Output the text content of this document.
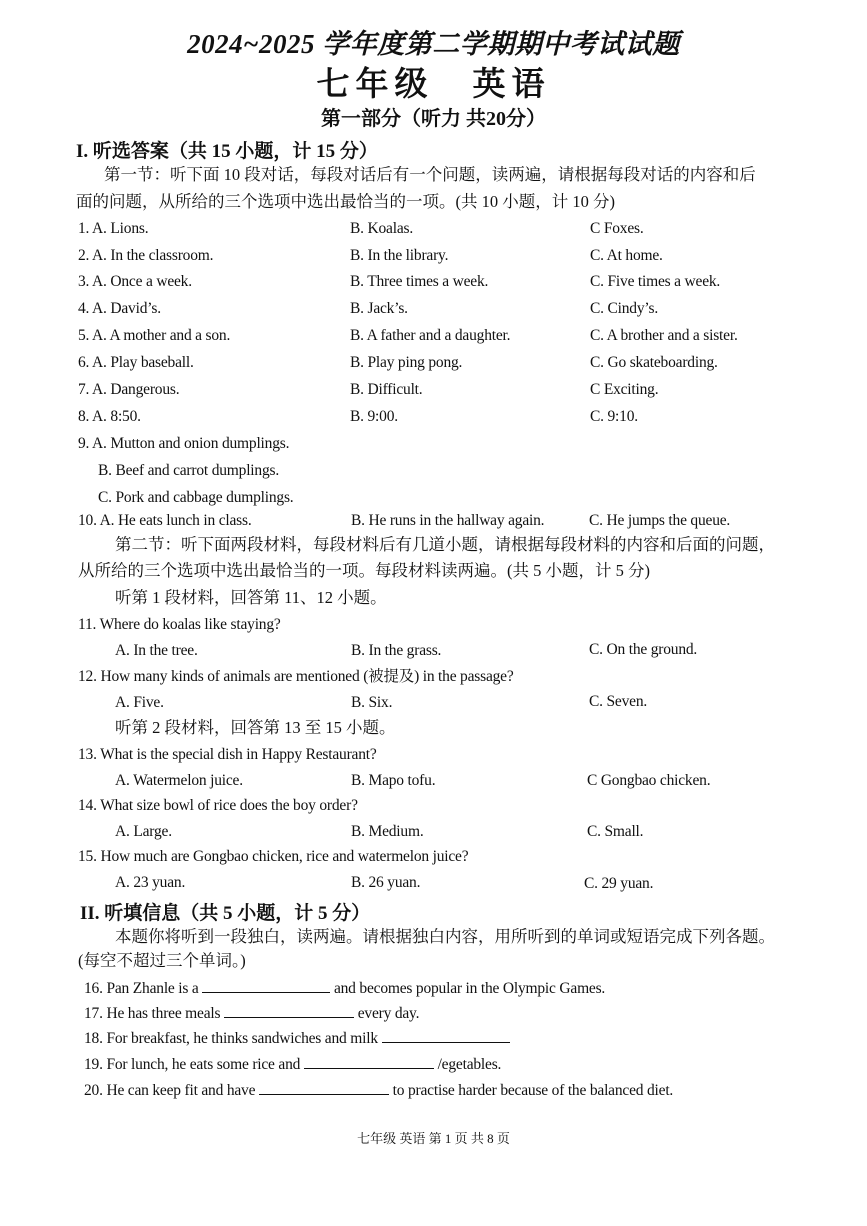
2024~2025 学年度第二学期期中考试试题
七年级　英语
第一部分（听力 共20分）
I. 听选答案（共 15 小题，计 15 分）
第一节：听下面 10 段对话，每段对话后有一个问题，读两遍，请根据每段对话的内容和后
面的问题，从所给的三个选项中选出最恰当的一项。(共 10 小题，计 10 分)
1. A. Lions.	B. Koalas.	C Foxes.
2. A. In the classroom.	B. In the library.	C. At home.
3. A. Once a week.	B. Three times a week.	C. Five times a week.
4. A. David’s.	B. Jack’s.	C. Cindy’s.
5. A. A mother and a son.	B. A father and a daughter.	C. A brother and a sister.
6. A. Play baseball.	B. Play ping pong.	C. Go skateboarding.
7. A. Dangerous.	B. Difficult.	C Exciting.
8. A. 8:50.	B. 9:00.	C. 9:10.
9. A. Mutton and onion dumplings.
B. Beef and carrot dumplings.
C. Pork and cabbage dumplings.
10. A. He eats lunch in class.	B. He runs in the hallway again.	C. He jumps the queue.
第二节：听下面两段材料，每段材料后有几道小题，请根据每段材料的内容和后面的问题，
从所给的三个选项中选出最恰当的一项。每段材料读两遍。(共 5 小题，计 5 分)
听第 1 段材料，回答第 11、12 小题。
11. Where do koalas like staying?
A. In the tree.	B. In the grass.	C. On the ground.
12. How many kinds of animals are mentioned (被提及) in the passage?
A. Five.	B. Six.	C. Seven.
听第 2 段材料，回答第 13 至 15 小题。
13. What is the special dish in Happy Restaurant?
A. Watermelon juice.	B. Mapo tofu.	C Gongbao chicken.
14. What size bowl of rice does the boy order?
A. Large.	B. Medium.	C. Small.
15. How much are Gongbao chicken, rice and watermelon juice?
A. 23 yuan.	B. 26 yuan.	C. 29 yuan.
II. 听填信息（共 5 小题，计 5 分）
本题你将听到一段独白，读两遍。请根据独白内容，用所听到的单词或短语完成下列各题。
(每空不超过三个单词。)
16. Pan Zhanle is a	and becomes popular in the Olympic Games.
17. He has three meals	every day.
18. For breakfast, he thinks sandwiches and milk
19. For lunch, he eats some rice and	/egetables.
20. He can keep fit and have	to practise harder because of the balanced diet.
七年级 英语 第 1 页 共 8 页
